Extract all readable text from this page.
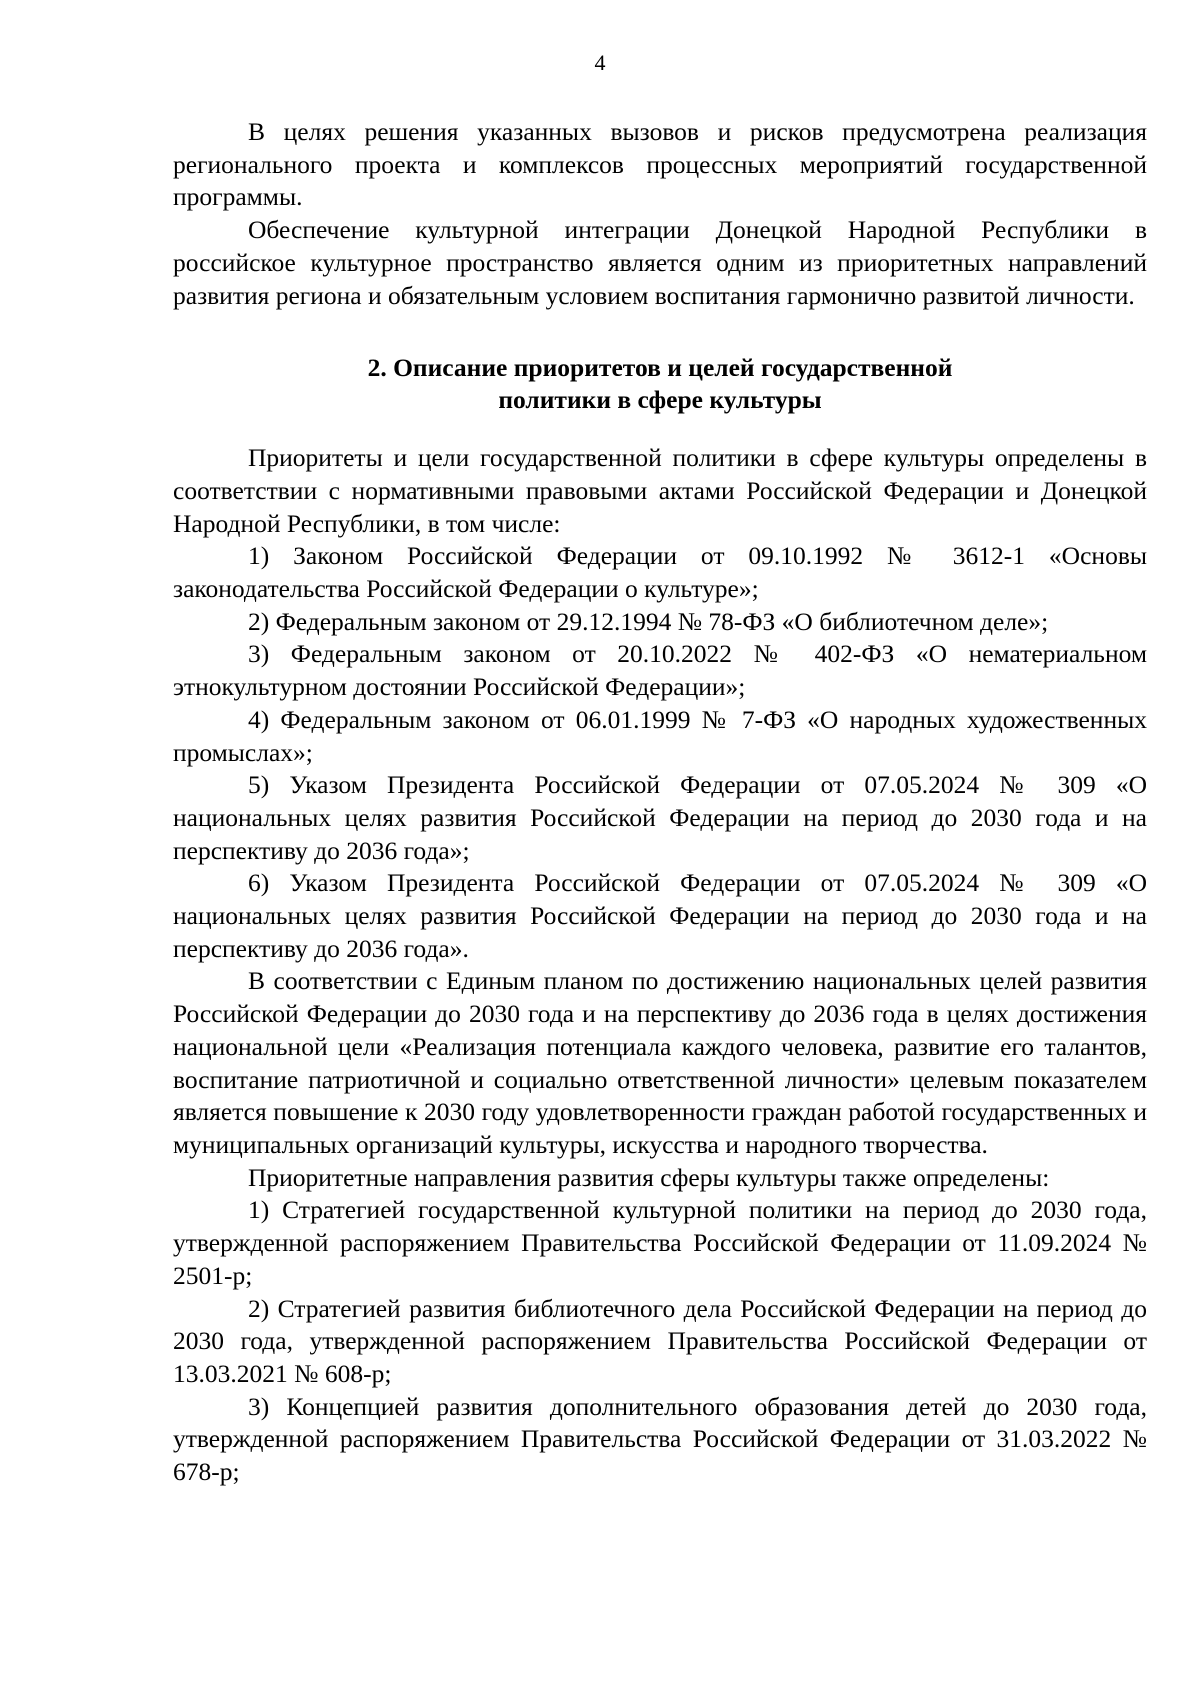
4

В целях решения указанных вызовов и рисков предусмотрена реализация регионального проекта и комплексов процессных мероприятий государственной программы.

Обеспечение культурной интеграции Донецкой Народной Республики в российское культурное пространство является одним из приоритетных направлений развития региона и обязательным условием воспитания гармонично развитой личности.

2. Описание приоритетов и целей государственной
политики в сфере культуры

Приоритеты и цели государственной политики в сфере культуры определены в соответствии с нормативными правовыми актами Российской Федерации и Донецкой Народной Республики, в том числе:

1) Законом Российской Федерации от 09.10.1992 № 3612-1 «Основы законодательства Российской Федерации о культуре»;

2) Федеральным законом от 29.12.1994 № 78-ФЗ «О библиотечном деле»;

3) Федеральным законом от 20.10.2022 № 402-ФЗ «О нематериальном этнокультурном достоянии Российской Федерации»;

4) Федеральным законом от 06.01.1999 № 7-ФЗ «О народных художественных промыслах»;

5) Указом Президента Российской Федерации от 07.05.2024 № 309 «О национальных целях развития Российской Федерации на период до 2030 года и на перспективу до 2036 года»;

6) Указом Президента Российской Федерации от 07.05.2024 № 309 «О национальных целях развития Российской Федерации на период до 2030 года и на перспективу до 2036 года».

В соответствии с Единым планом по достижению национальных целей развития Российской Федерации до 2030 года и на перспективу до 2036 года в целях достижения национальной цели «Реализация потенциала каждого человека, развитие его талантов, воспитание патриотичной и социально ответственной личности» целевым показателем является повышение к 2030 году удовлетворенности граждан работой государственных и муниципальных организаций культуры, искусства и народного творчества.

Приоритетные направления развития сферы культуры также определены:

1) Стратегией государственной культурной политики на период до 2030 года, утвержденной распоряжением Правительства Российской Федерации от 11.09.2024 № 2501-р;

2) Стратегией развития библиотечного дела Российской Федерации на период до 2030 года, утвержденной распоряжением Правительства Российской Федерации от 13.03.2021 № 608-р;

3) Концепцией развития дополнительного образования детей до 2030 года, утвержденной распоряжением Правительства Российской Федерации от 31.03.2022 № 678-р;
